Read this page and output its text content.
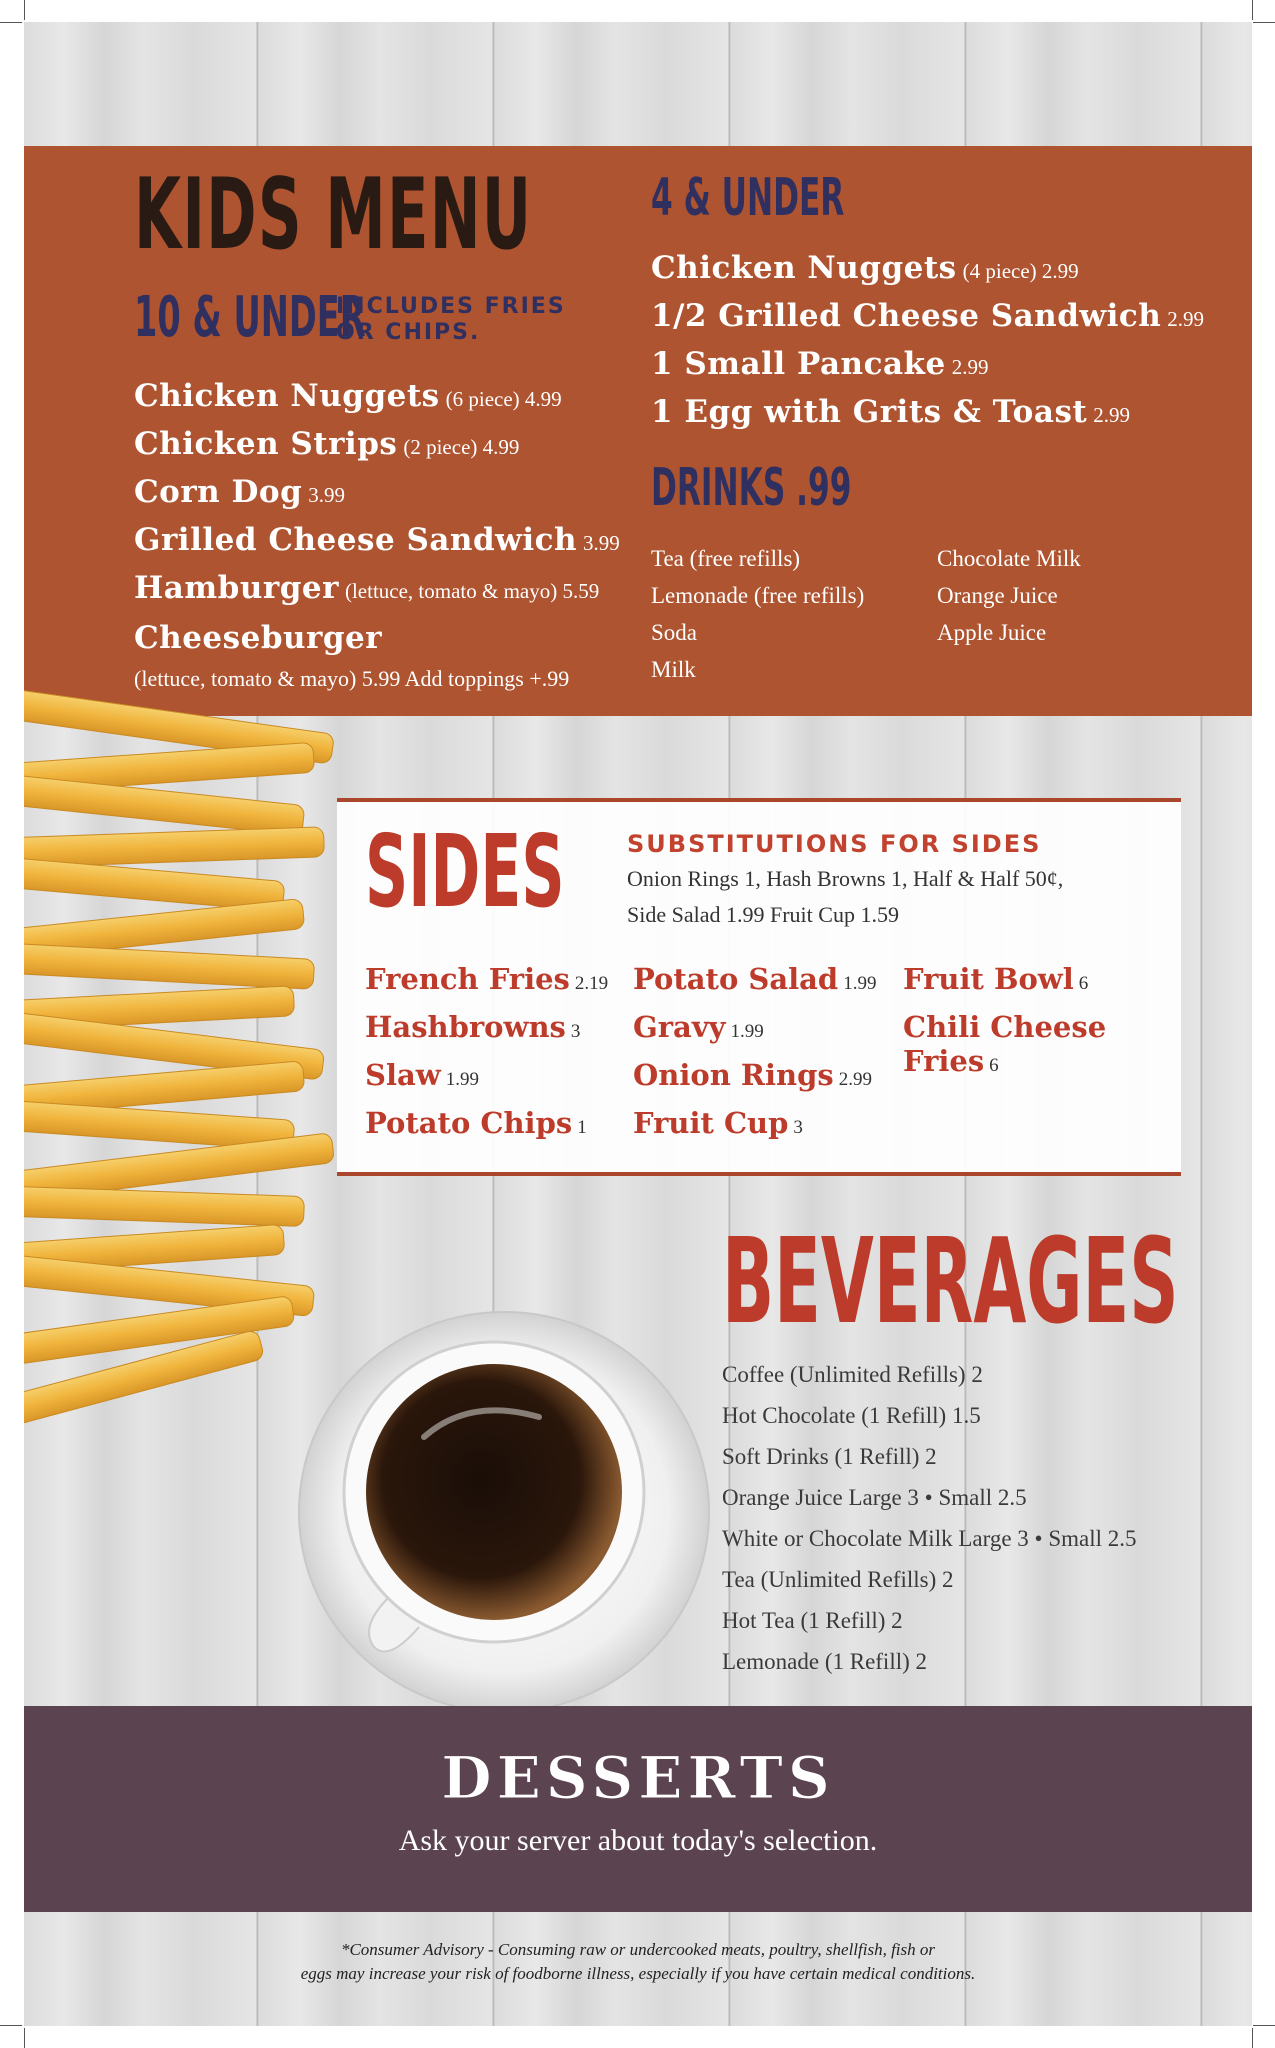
KIDS MENU
10 & UNDER
INCLUDES FRIES OR CHIPS.
Chicken Nuggets (6 piece) 4.99
Chicken Strips (2 piece) 4.99
Corn Dog 3.99
Grilled Cheese Sandwich 3.99
Hamburger (lettuce, tomato & mayo) 5.59
Cheeseburger
(lettuce, tomato & mayo) 5.99 Add toppings +.99
4 & UNDER
Chicken Nuggets (4 piece) 2.99
1/2 Grilled Cheese Sandwich 2.99
1 Small Pancake 2.99
1 Egg with Grits & Toast 2.99
DRINKS .99
Tea (free refills)
Lemonade (free refills)
Soda
Milk
Chocolate Milk
Orange Juice
Apple Juice
SIDES	SUBSTITUTIONS FOR SIDES
Onion Rings 1, Hash Browns 1, Half & Half 50¢,
Side Salad 1.99 Fruit Cup 1.59
French Fries 2.19
Hashbrowns 3
Slaw 1.99
Potato Chips 1
Potato Salad 1.99
Gravy 1.99
Onion Rings 2.99
Fruit Cup 3
Fruit Bowl 6
Chili Cheese
Fries 6
BEVERAGES
Coffee (Unlimited Refills) 2
Hot Chocolate (1 Refill) 1.5
Soft Drinks (1 Refill) 2
Orange Juice Large 3 • Small 2.5
White or Chocolate Milk Large 3 • Small 2.5
Tea (Unlimited Refills) 2
Hot Tea (1 Refill) 2
Lemonade (1 Refill) 2
DESSERTS
Ask your server about today's selection.
*Consumer Advisory - Consuming raw or undercooked meats, poultry, shellfish, fish or
eggs may increase your risk of foodborne illness, especially if you have certain medical conditions.
